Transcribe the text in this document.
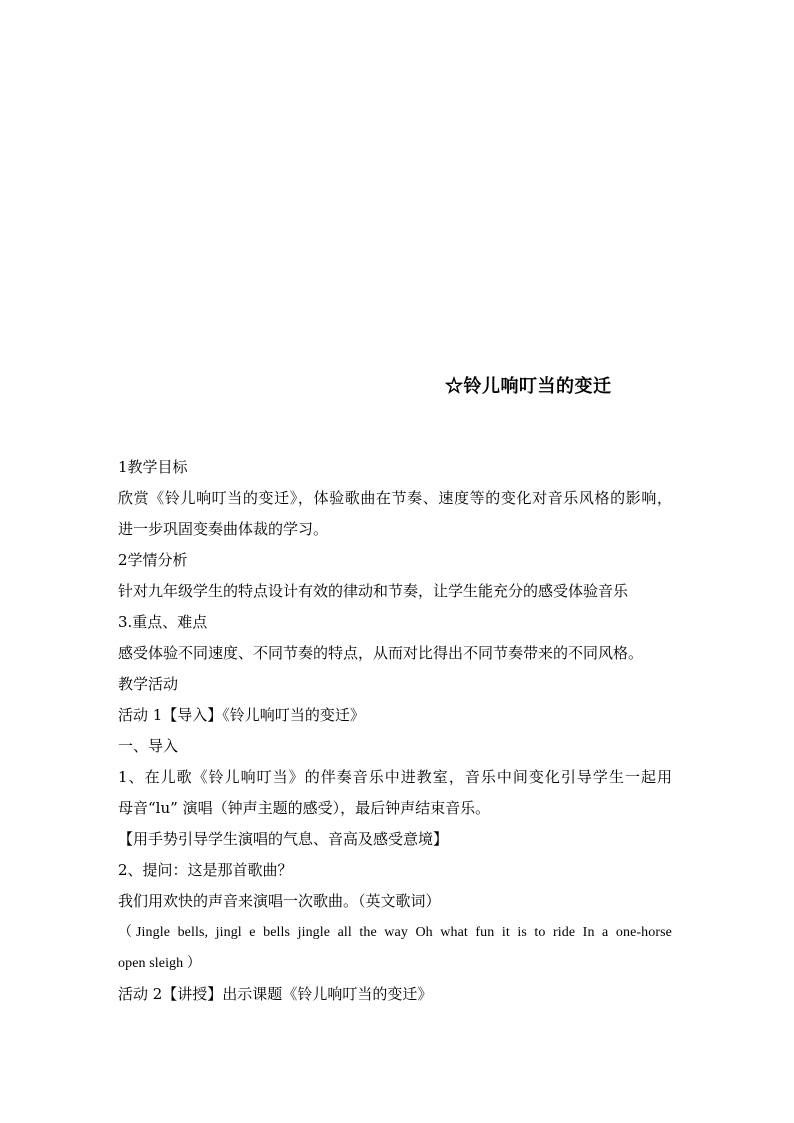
☆铃儿响叮当的变迁
1教学目标
欣赏《铃儿响叮当的变迁》，体验歌曲在节奏、速度等的变化对音乐风格的影响，
进一步巩固变奏曲体裁的学习。
2学情分析
针对九年级学生的特点设计有效的律动和节奏，让学生能充分的感受体验音乐
3.重点、难点
感受体验不同速度、不同节奏的特点，从而对比得出不同节奏带来的不同风格。
教学活动
活动 1【导入】《铃儿响叮当的变迁》
一、导入
1、在儿歌《铃儿响叮当》的伴奏音乐中进教室，音乐中间变化引导学生一起用
母音“lu” 演唱（钟声主题的感受），最后钟声结束音乐。
【用手势引导学生演唱的气息、音高及感受意境】
2、提问：这是那首歌曲？
我们用欢快的声音来演唱一次歌曲。（英文歌词）
（Jingle bells, jingl e bells jingle all the way Oh what fun it is to ride In a one-horse
open sleigh ）
活动 2【讲授】出示课题《铃儿响叮当的变迁》
